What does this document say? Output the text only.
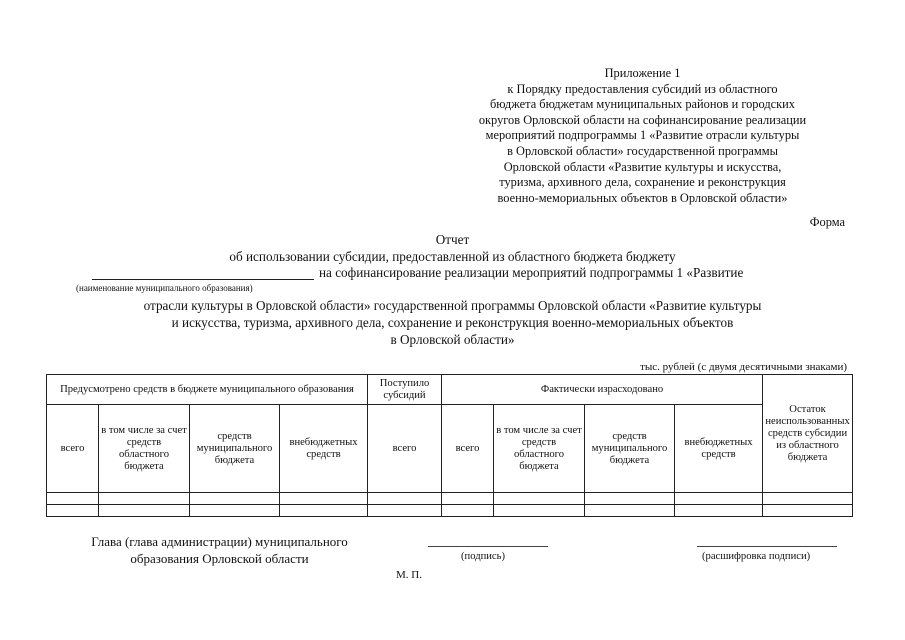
Приложение 1
к Порядку предоставления субсидий из областного
бюджета бюджетам муниципальных районов и городских
округов Орловской области на софинансирование реализации
мероприятий подпрограммы 1 «Развитие отрасли культуры
в Орловской области» государственной программы
Орловской области «Развитие культуры и искусства,
туризма, архивного дела, сохранение и реконструкция
военно-мемориальных объектов в Орловской области»
Форма
Отчет
об использовании субсидии, предоставленной из областного бюджета бюджету
на софинансирование реализации мероприятий подпрограммы 1 «Развитие
(наименование муниципального образования)
отрасли культуры в Орловской области» государственной программы Орловской области «Развитие культуры
и искусства, туризма, архивного дела, сохранение и реконструкция военно-мемориальных объектов
в Орловской области»
тыс. рублей (с двумя десятичными знаками)
Предусмотрено средств в бюджете муниципального образования				Поступило субсидий	Фактически израсходовано				Остаток неиспользованных средств субсидии из областного бюджета
всего	в том числе за счет средств областного бюджета	средств муниципального бюджета	внебюджетных средств	всего	всего	в том числе за счет средств областного бюджета	средств муниципального бюджета	внебюджетных средств	

Глава (глава администрации) муниципального образования Орловской области	(подпись)	(расшифровка подписи)
М. П.
